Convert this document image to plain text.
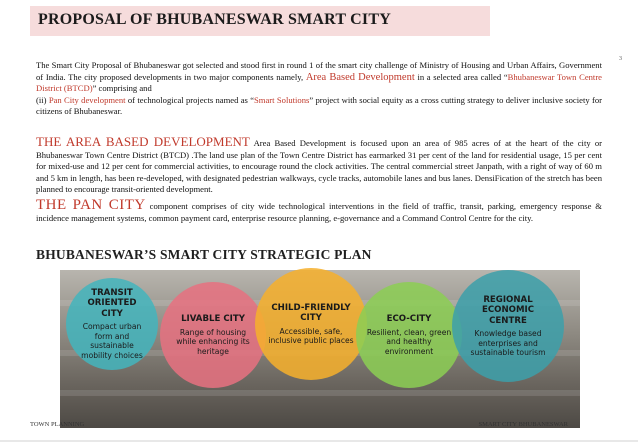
PROPOSAL OF BHUBANESWAR SMART CITY
3

The Smart City Proposal of Bhubaneswar got selected and stood first in round 1 of the smart city challenge of Ministry of Housing and Urban Affairs, Government of India. The city proposed developments in two major components namely, Area Based Development in a selected area called “Bhubaneswar Town Centre District (BTCD)” comprising and
(ii) Pan City development of technological projects named as “Smart Solutions” project with social equity as a cross cutting strategy to deliver inclusive society for citizens of Bhubaneswar.

THE AREA BASED DEVELOPMENT Area Based Development is focused upon an area of 985 acres of at the heart of the city or Bhubaneswar Town Centre District (BTCD) .The land use plan of the Town Centre District has earmarked 31 per cent of the land for residential usage, 15 per cent for mixed-use and 12 per cent for commercial activities, to encourage round the clock activities. The central commercial street Janpath, with a right of way of 60 m and 5 km in length, has been re-developed, with designated pedestrian walkways, cycle tracks, automobile lanes and bus lanes. DensiFication of the stretch has been planned to encourage transit-oriented development.

THE PAN CITY component comprises of city wide technological interventions in the field of traffic, transit, parking, emergency response & incidence management systems, common payment card, enterprise resource planning, e-governance and a Command Control Centre for the city.

BHUBANESWAR’S SMART CITY STRATEGIC PLAN
TRANSIT ORIENTED CITY
Compact urban form and sustainable mobility choices
LIVABLE CITY
Range of housing while enhancing its heritage
CHILD-FRIENDLY CITY
Accessible, safe, inclusive public places
ECO-CITY
Resilient, clean, green and healthy environment
REGIONAL ECONOMIC CENTRE
Knowledge based enterprises and sustainable tourism

TOWN PLANNING	SMART CITY BHUBANESWAR
